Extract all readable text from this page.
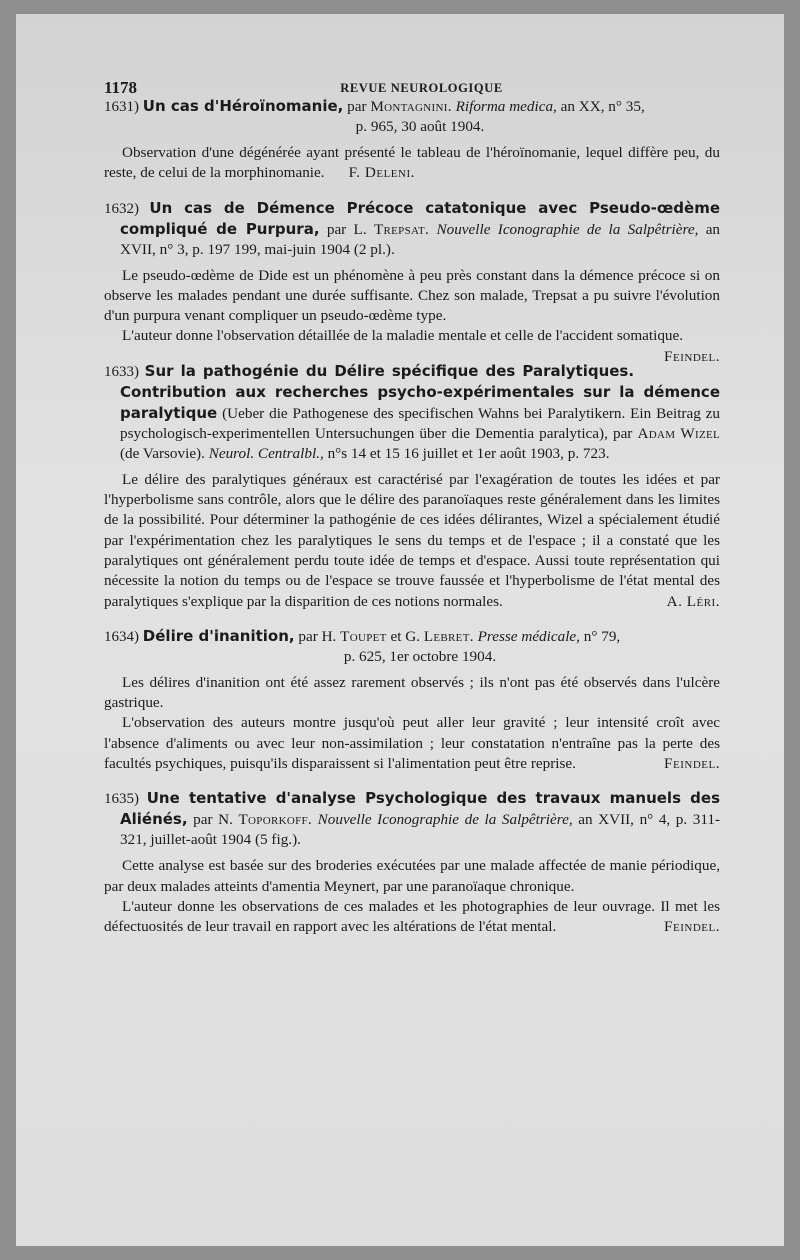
1178	REVUE NEUROLOGIQUE
1631) Un cas d'Héroïnomanie, par Montagnini. Riforma medica, an XX, n° 35,
p. 965, 30 août 1904.

Observation d'une dégénérée ayant présenté le tableau de l'héroïnomanie, lequel diffère peu, du reste, de celui de la morphinomanie. F. Deleni.

1632) Un cas de Démence Précoce catatonique avec Pseudo-œdème compliqué de Purpura, par L. Trepsat. Nouvelle Iconographie de la Salpêtrière, an XVII, n° 3, p. 197 199, mai-juin 1904 (2 pl.).

Le pseudo-œdème de Dide est un phénomène à peu près constant dans la démence précoce si on observe les malades pendant une durée suffisante. Chez son malade, Trepsat a pu suivre l'évolution d'un purpura venant compliquer un pseudo-œdème type.

L'auteur donne l'observation détaillée de la maladie mentale et celle de l'accident somatique.
Feindel.

1633) Sur la pathogénie du Délire spécifique des Paralytiques. Contribution aux recherches psycho-expérimentales sur la démence paralytique (Ueber die Pathogenese des specifischen Wahns bei Paralytikern. Ein Beitrag zu psychologisch-experimentellen Untersuchungen über die Dementia paralytica), par Adam Wizel (de Varsovie). Neurol. Centralbl., n°s 14 et 15 16 juillet et 1er août 1903, p. 723.

Le délire des paralytiques généraux est caractérisé par l'exagération de toutes les idées et par l'hyperbolisme sans contrôle, alors que le délire des paranoïaques reste généralement dans les limites de la possibilité. Pour déterminer la pathogénie de ces idées délirantes, Wizel a spécialement étudié par l'expérimentation chez les paralytiques le sens du temps et de l'espace ; il a constaté que les paralytiques ont généralement perdu toute idée de temps et d'espace. Aussi toute représentation qui nécessite la notion du temps ou de l'espace se trouve faussée et l'hyperbolisme de l'état mental des paralytiques s'explique par la disparition de ces notions normales.	A. Léri.

1634) Délire d'inanition, par H. Toupet et G. Lebret. Presse médicale, n° 79,
p. 625, 1er octobre 1904.

Les délires d'inanition ont été assez rarement observés ; ils n'ont pas été observés dans l'ulcère gastrique.

L'observation des auteurs montre jusqu'où peut aller leur gravité ; leur intensité croît avec l'absence d'aliments ou avec leur non-assimilation ; leur constatation n'entraîne pas la perte des facultés psychiques, puisqu'ils disparaissent si l'alimentation peut être reprise.	Feindel.

1635) Une tentative d'analyse Psychologique des travaux manuels des Aliénés, par N. Toporkoff. Nouvelle Iconographie de la Salpêtrière, an XVII, n° 4, p. 311-321, juillet-août 1904 (5 fig.).

Cette analyse est basée sur des broderies exécutées par une malade affectée de manie périodique, par deux malades atteints d'amentia Meynert, par une paranoïaque chronique.

L'auteur donne les observations de ces malades et les photographies de leur ouvrage. Il met les défectuosités de leur travail en rapport avec les altérations de l'état mental.	Feindel.
